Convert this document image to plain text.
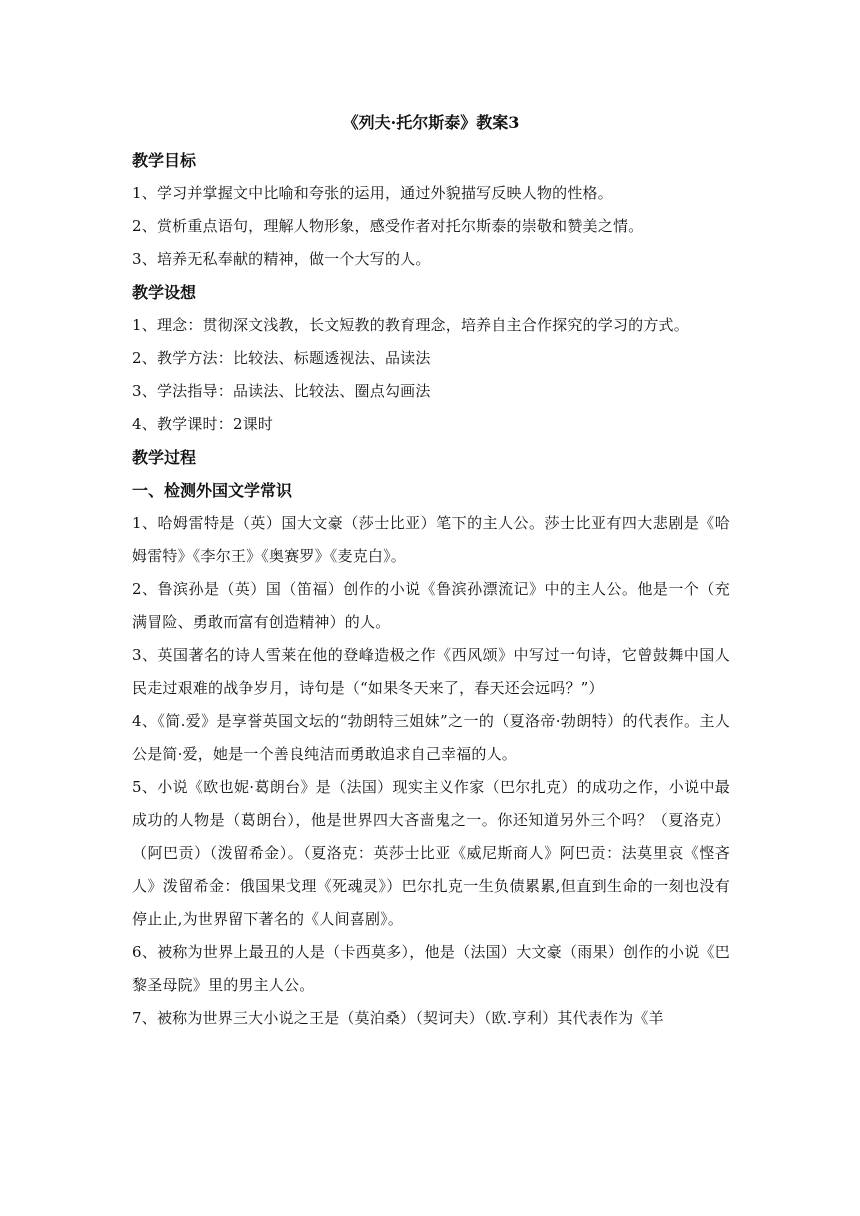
《列夫·托尔斯泰》教案3
教学目标

1、学习并掌握文中比喻和夸张的运用，通过外貌描写反映人物的性格。

2、赏析重点语句，理解人物形象，感受作者对托尔斯泰的崇敬和赞美之情。

3、培养无私奉献的精神，做一个大写的人。

教学设想

1、理念：贯彻深文浅教，长文短教的教育理念，培养自主合作探究的学习的方式。

2、教学方法：比较法、标题透视法、品读法

3、学法指导：品读法、比较法、圈点勾画法

4、教学课时：2课时

教学过程
一、检测外国文学常识

1、哈姆雷特是（英）国大文豪（莎士比亚）笔下的主人公。莎士比亚有四大悲剧是《哈姆雷特》《李尔王》《奥赛罗》《麦克白》。

2、鲁滨孙是（英）国（笛福）创作的小说《鲁滨孙漂流记》中的主人公。他是一个（充满冒险、勇敢而富有创造精神）的人。

3、英国著名的诗人雪莱在他的登峰造极之作《西风颂》中写过一句诗，它曾鼓舞中国人民走过艰难的战争岁月，诗句是（“如果冬天来了，春天还会远吗？”）

4、《简.爱》是享誉英国文坛的“勃朗特三姐妹”之一的（夏洛帝·勃朗特）的代表作。主人公是简·爱，她是一个善良纯洁而勇敢追求自己幸福的人。

5、小说《欧也妮·葛朗台》是（法国）现实主义作家（巴尔扎克）的成功之作，小说中最成功的人物是（葛朗台），他是世界四大吝啬鬼之一。你还知道另外三个吗？（夏洛克）（阿巴贡）（泼留希金）。（夏洛克：英莎士比亚《威尼斯商人》阿巴贡：法莫里哀《悭吝人》泼留希金：俄国果戈理《死魂灵》）巴尔扎克一生负债累累,但直到生命的一刻也没有停止止,为世界留下著名的《人间喜剧》。

6、被称为世界上最丑的人是（卡西莫多），他是（法国）大文豪（雨果）创作的小说《巴黎圣母院》里的男主人公。

7、被称为世界三大小说之王是（莫泊桑）（契诃夫）（欧.亨利）其代表作为《羊
